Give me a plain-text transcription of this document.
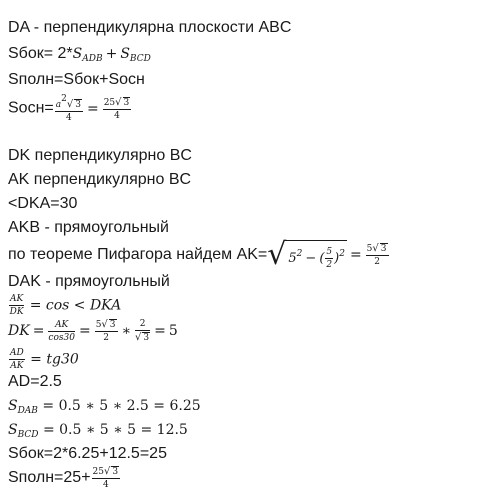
DA - перпендикулярна плоскости ABC
Sбок= $2*S_{ADB} + S_{BCD}$
Sполн=Sбок+Sосн
Sосн= $\frac{a2√ 3}{4} = \frac{25√ 3}{4}$
DK перпендикулярно BC
AK перпендикулярно BC
<DKA=30
AKB - прямоугольный
по теореме Пифагора найдем AK=√ $5^2$ − ( $\frac{5}{2} )^2 = \frac{5√ 3}{2}$
DAK - прямоугольный
$\frac{AK}{DK} = \cos$ < DKA
DK = $\frac{AK}{\cos 30} = \frac{5√ 3}{2}$ ∗ $\frac{2}{√ 3} = 5$
$\frac{AD}{AK} = tg30$
AD=2.5
$S_{DAB} = 0.5$ ∗ 5 ∗ 2.5 = 6.25
$S_{BCD} = 0.5$ ∗ 5 ∗ 5 = 12.5
Sбок=2*6.25+12.5=25
Sполн=25+ $\frac{25√ 3}{4}$
